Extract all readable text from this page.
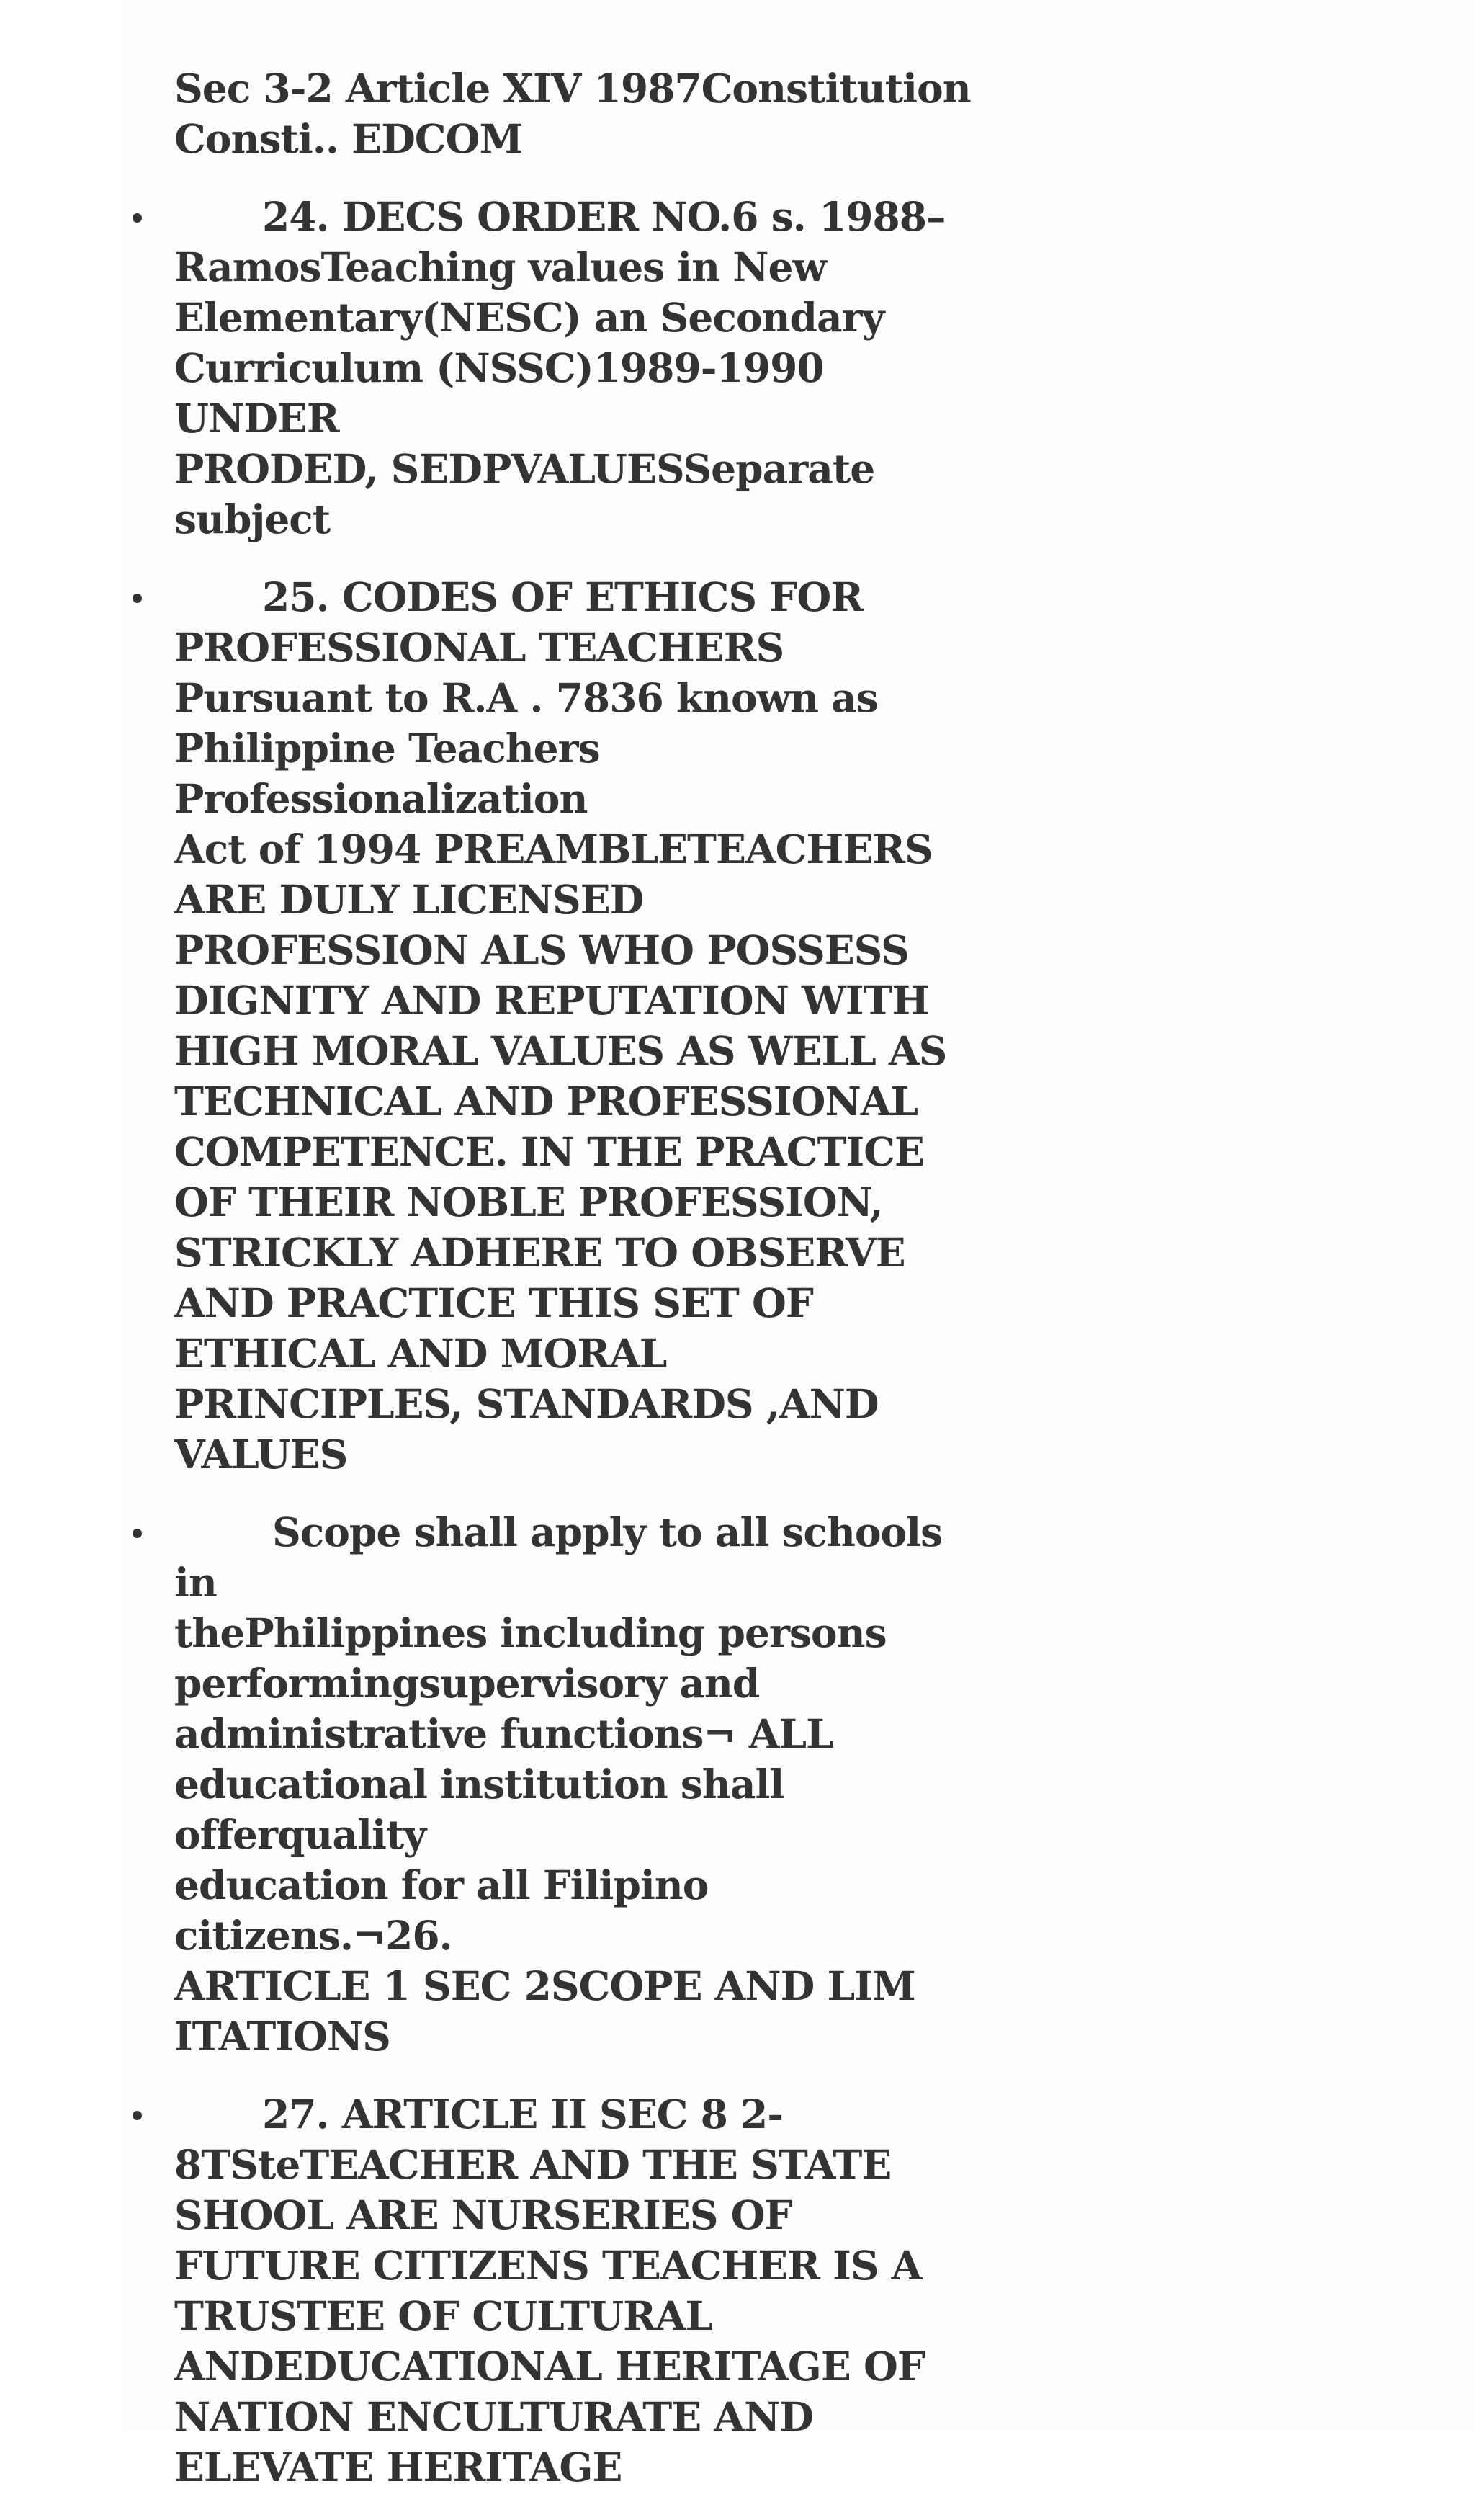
Sec 3-2 Article XIV 1987Constitution
Consti.. EDCOM
24. DECS ORDER NO.6 s. 1988–
RamosTeaching values in New
Elementary(NESC) an Secondary
Curriculum (NSSC)1989-1990 UNDER
PRODED, SEDPVALUESSeparate
subject
25. CODES OF ETHICS FOR
PROFESSIONAL TEACHERS
Pursuant to R.A . 7836 known as
Philippine Teachers Professionalization
Act of 1994 PREAMBLETEACHERS
ARE DULY LICENSED
PROFESSION ALS WHO POSSESS
DIGNITY AND REPUTATION WITH
HIGH MORAL VALUES AS WELL AS
TECHNICAL AND PROFESSIONAL
COMPETENCE. IN THE PRACTICE
OF THEIR NOBLE PROFESSION,
STRICKLY ADHERE TO OBSERVE
AND PRACTICE THIS SET OF
ETHICAL AND MORAL
PRINCIPLES, STANDARDS ,AND
VALUES
Scope shall apply to all schools in
thePhilippines including persons
performingsupervisory and
administrative functions¬ ALL
educational institution shall offerquality
education for all Filipino citizens.¬26.
ARTICLE 1 SEC 2SCOPE AND LIM
ITATIONS
27. ARTICLE II SEC 8 2-
8TSteTEACHER AND THE STATE
SHOOL ARE NURSERIES OF
FUTURE CITIZENS TEACHER IS A
TRUSTEE OF CULTURAL
ANDEDUCATIONAL HERITAGE OF
NATION ENCULTURATE AND
ELEVATE HERITAGE
